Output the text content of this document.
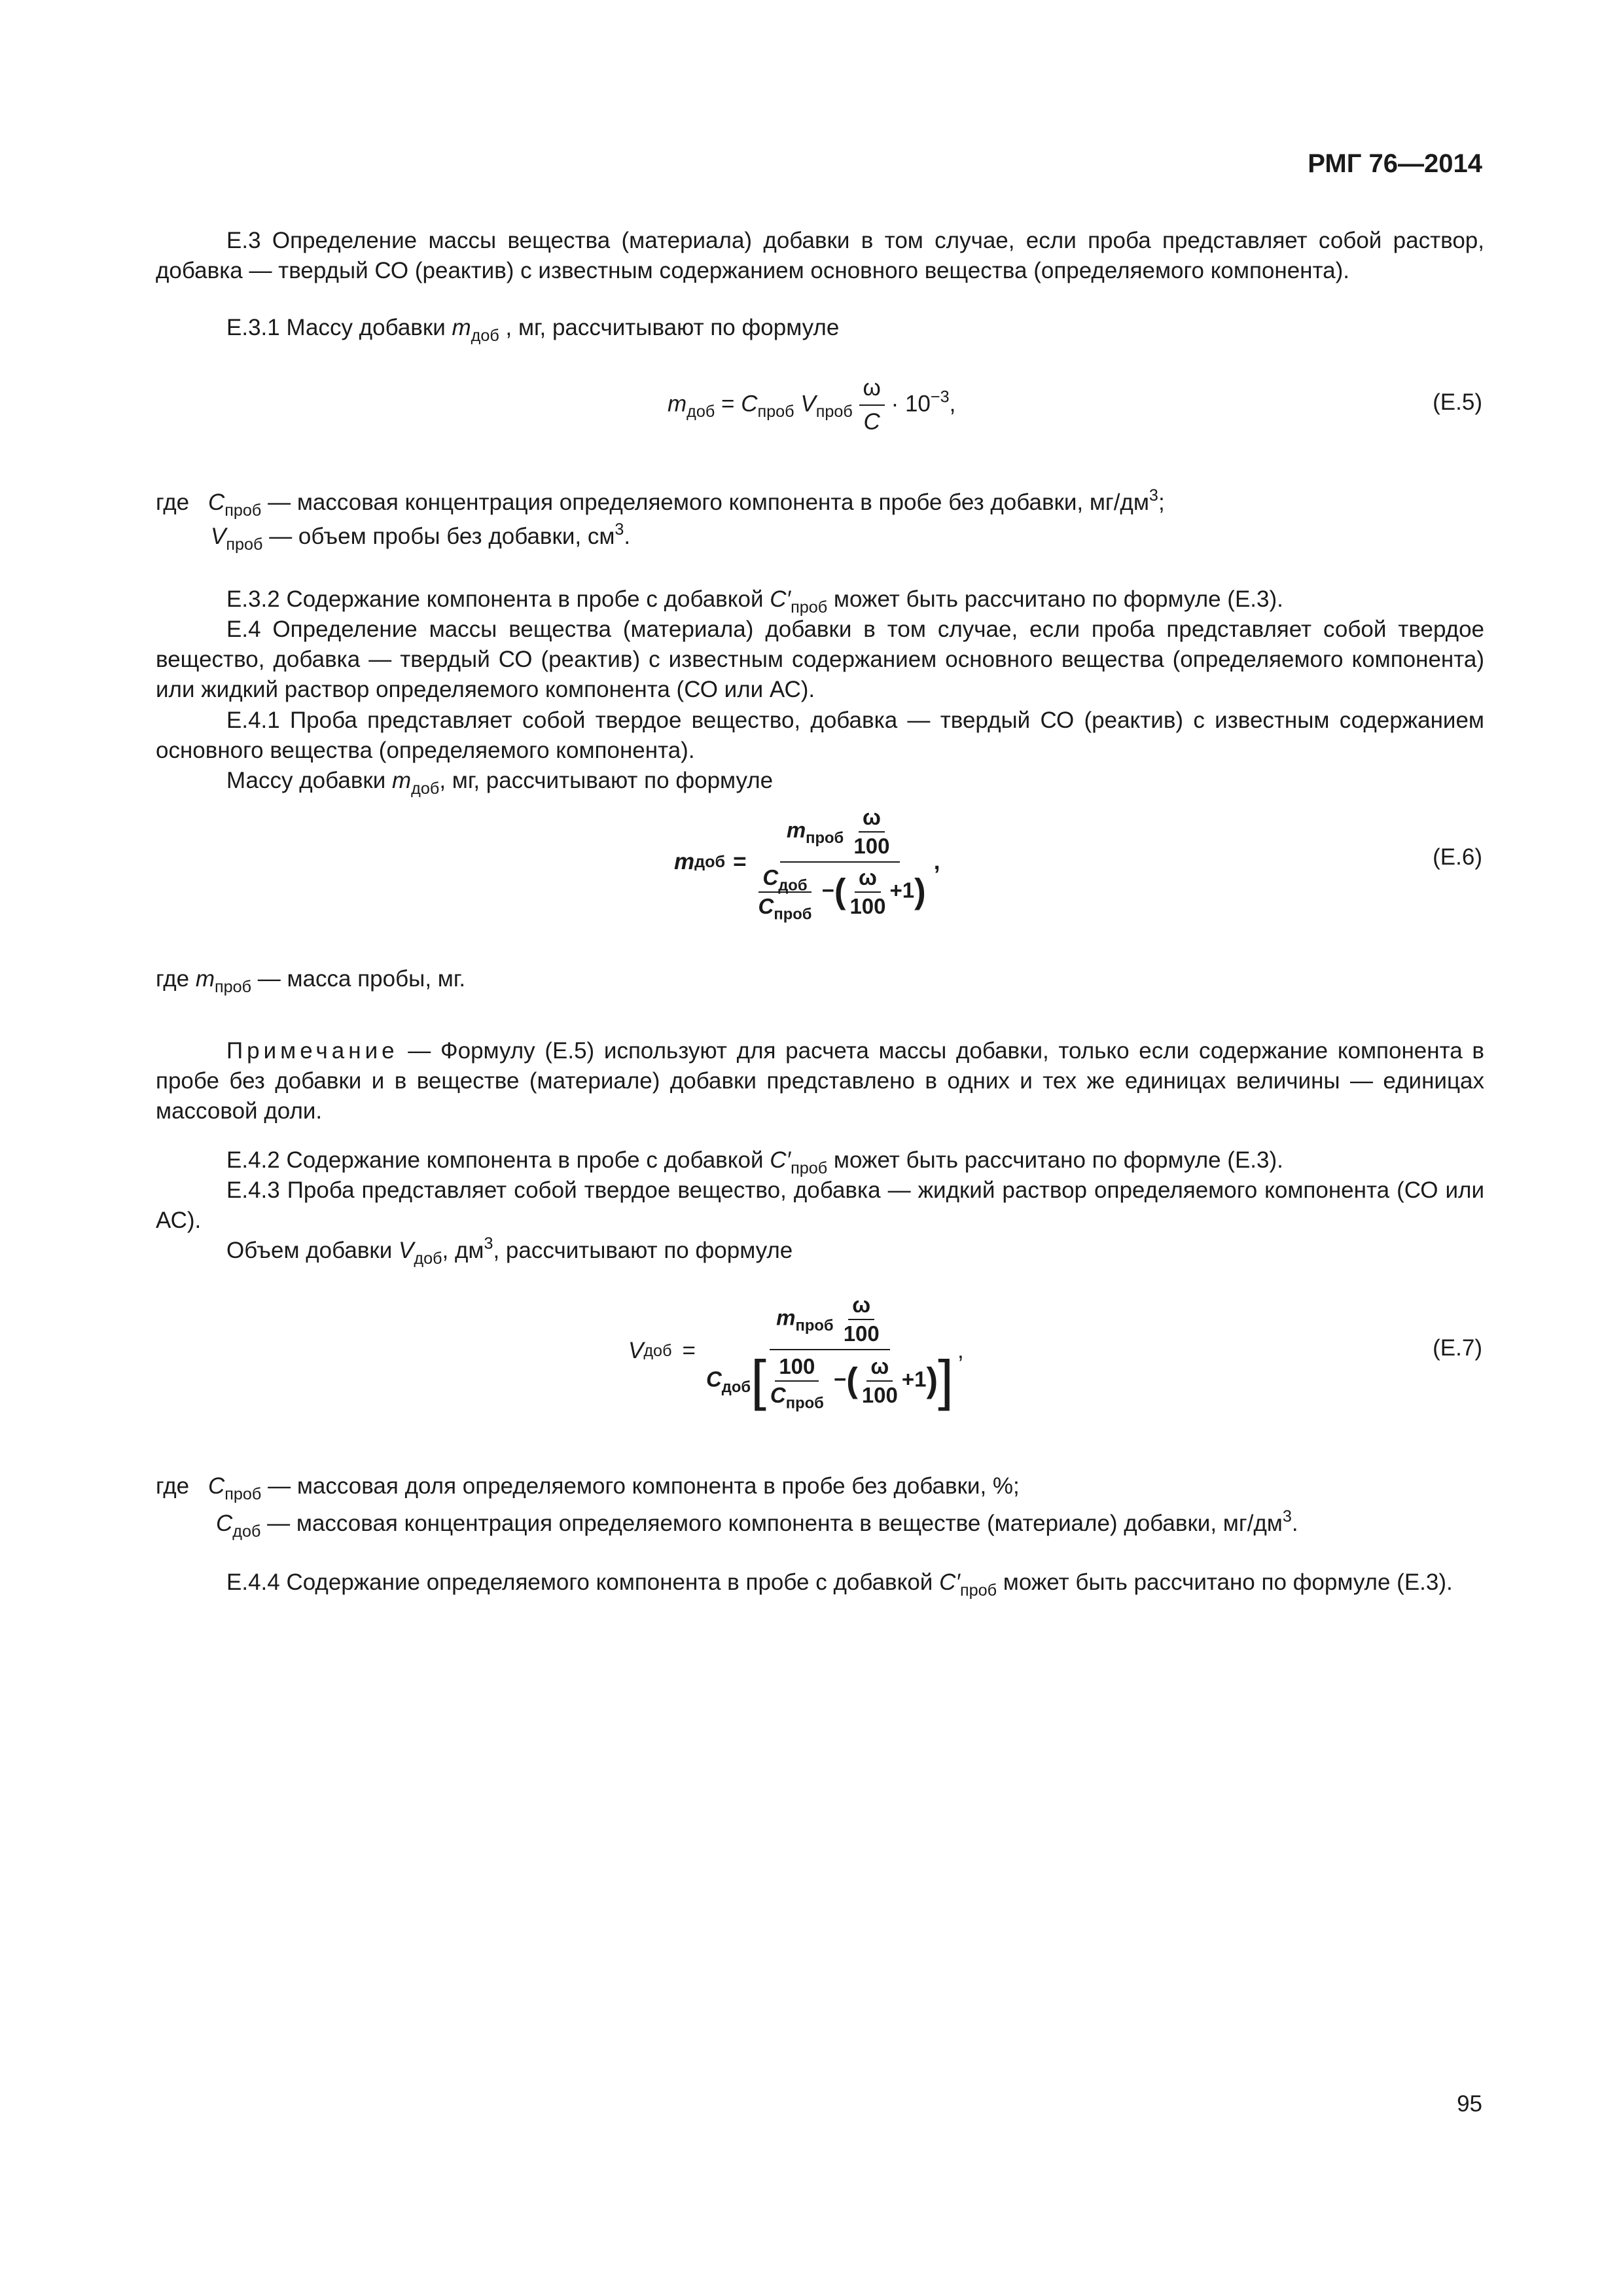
РМГ 76—2014
Е.3 Определение массы вещества (материала) добавки в том случае, если проба представляет собой раствор, добавка — твердый СО (реактив) с известным содержанием основного вещества (определяемого компонента).
Е.3.1 Массу добавки $m_{доб}$ , мг, рассчитывают по формуле
$m_{доб} = C_{проб}$ $V_{проб} \frac{\omega}{C} \cdot 10^{-3}$,	(Е.5)
где $C_{проб}$ — массовая концентрация определяемого компонента в пробе без добавки, $мг/дм^3$;
$V_{проб}$ — объем пробы без добавки, $см^3$.
Е.3.2 Содержание компонента в пробе с добавкой $C'_{проб}$ может быть рассчитано по формуле (Е.3).
Е.4 Определение массы вещества (материала) добавки в том случае, если проба представляет собой твердое вещество, добавка — твердый СО (реактив) с известным содержанием основного вещества (определяемого компонента) или жидкий раствор определяемого компонента (СО или АС).
Е.4.1 Проба представляет собой твердое вещество, добавка — твердый СО (реактив) с известным содержанием основного вещества (определяемого компонента).
Массу добавки $m_{доб}$, мг, рассчитывают по формуле
m доб = $\frac{m_{проб} \frac{\omega}{100}}{\frac{C_{доб}}{C_{проб}} -( \frac{\omega}{100} +1)}$ ,	(Е.6)
где $m_{проб}$ — масса пробы, мг.
Примечание — Формулу (Е.5) используют для расчета массы добавки, только если содержание компонента в пробе без добавки и в веществе (материале) добавки представлено в одних и тех же единицах величины — единицах массовой доли.
Е.4.2 Содержание компонента в пробе с добавкой $C'_{проб}$ может быть рассчитано по формуле (Е.3).
Е.4.3 Проба представляет собой твердое вещество, добавка — жидкий раствор определяемого компонента (СО или АС).
Объем добавки $V_{доб}$, $дм^3$, рассчитывают по формуле
V доб = $\frac{m_{проб} \frac{\omega}{100}}{C_{доб}[ \frac{100}{C_{проб}} -( \frac{\omega}{100} +1)]}$ ,	(Е.7)
где $C_{проб}$ — массовая доля определяемого компонента в пробе без добавки, %;
$C_{доб}$ — массовая концентрация определяемого компонента в веществе (материале) добавки, $мг/дм^3$.
Е.4.4 Содержание определяемого компонента в пробе с добавкой $C'_{проб}$ может быть рассчитано по формуле (Е.3).
95
